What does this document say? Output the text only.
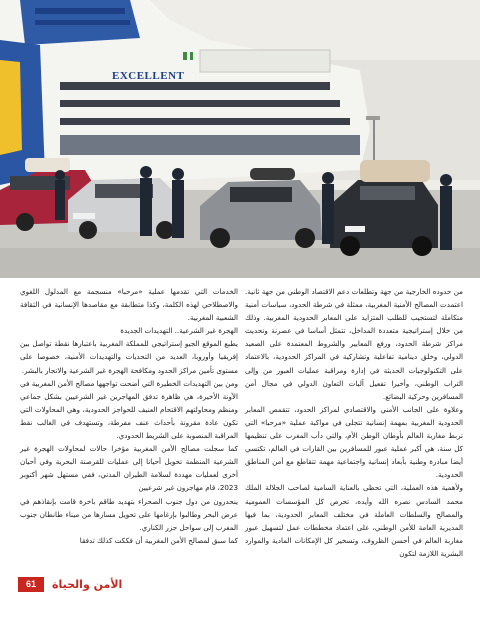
EXCELLENT
من حدوده الخارجية من جهة وتطلعات دعم الاقتصاد الوطني من جهة ثانية. اعتمدت المصالح الأمنية المغربية، ممثلة في شرطة الحدود، سياسات أمنية متكاملة لتستجيب للطلب المتزايد على المعابر الحدودية المغربية. وذلك من خلال إستراتيجية متعددة المداخل، تتمثل أساسا في عصرنة وتحديث مراكز شرطة الحدود، ورفع المعايير والشروط المعتمدة على الصعيد الدولي، وخلق دينامية تفاعلية وتشاركية في المراكز الحدودية، بالاعتماد على التكنولوجيات الحديثة في إدارة ومراقبة عمليات العبور من وإلى التراب الوطني، وأخيرا تفعيل آليات التعاون الدولي في مجال أمن المسافرين وحركية البضائع.
وعلاوة على الجانب الأمني والاقتصادي لمراكز الحدود، تتقمص المعابر الحدودية المغربية بمهمة إنسانية تتجلى في مواكبة عملية «مرحبا» التي تربط مغاربة العالم بأوطان الوطن الأم، والتي دأب المغرب على تنظيمها كل سنة، هي أكبر عملية عبور للمسافرين بين القارات في العالم، تكتسي أيضا مبادرة وطنية بأبعاد إنسانية واجتماعية مهمة تتقاطع مع أمن المناطق الحدودية.
ولأهمية هذه العملية، التي تحظى بالعناية السامية لصاحب الجلالة الملك محمد السادس نصره الله وأيده، تحرص كل المؤسسات العمومية والمصالح والسلطات العاملة في مختلف المعابر الحدودية، بما فيها المديرية العامة للأمن الوطني، على اعتماد مخططات عمل لتسهيل عبور مغاربة العالم في أحسن الظروف، وتسخير كل الإمكانات المادية والموارد البشرية اللازمة لتكون
الخدمات التي تقدمها عملية «مرحبا» منسجمة مع المدلول اللغوي والاصطلاحي لهذه الكلمة، وكذا متطابقة مع مقاصدها الإنسانية في الثقافة الشعبية المغربية.
الهجرة غير الشرعية.. التهديدات الجديدة
يطبع الموقع الجيو إستراتيجي للمملكة المغربية باعتبارها نقطة تواصل بين إفريقيا وأوروبا، العديد من التحديات والتهديدات الأمنية، خصوصا على مستوى تأمين مراكز الحدود ومكافحة الهجرة غير الشرعية والاتجار بالبشر.
ومن بين التهديدات الخطيرة التي أضحت تواجهها مصالح الأمن المغربية في الآونة الأخيرة، هي ظاهرة تدفق المهاجرين غير الشرعيين بشكل جماعي ومنظم ومحاولتهم الاقتحام العنيف للحواجز الحدودية، وهي المحاولات التي تكون عادة مقرونة بأحداث عنف مفرطة، وتستهدف في الغالب نقط المراقبة المنصوبة على الشريط الحدودي.
كما سجلت مصالح الأمن المغربية مؤخرا حالات لمحاولات الهجرة غير الشرعية المنظمة تحويل أحيانا إلى عمليات للقرصنة البحرية وفي أحيان أخرى لعمليات مهددة لسلامة الطيران المدني، ففي مستهل شهر أكتوبر 2023، قام مهاجرون غير شرعيين
ينحدرون من دول جنوب الصحراء بتهديد طاقم باخرة قامت بإنقاذهم في عرض البحر وطالبوا بإرغامها على تحويل مسارها من ميناء طانطان جنوب المغرب إلى سواحل جزر الكناري.
كما سبق لمصالح الأمن المغربية أن فككت كذلك تدفقا
61	الأمن والحياة
